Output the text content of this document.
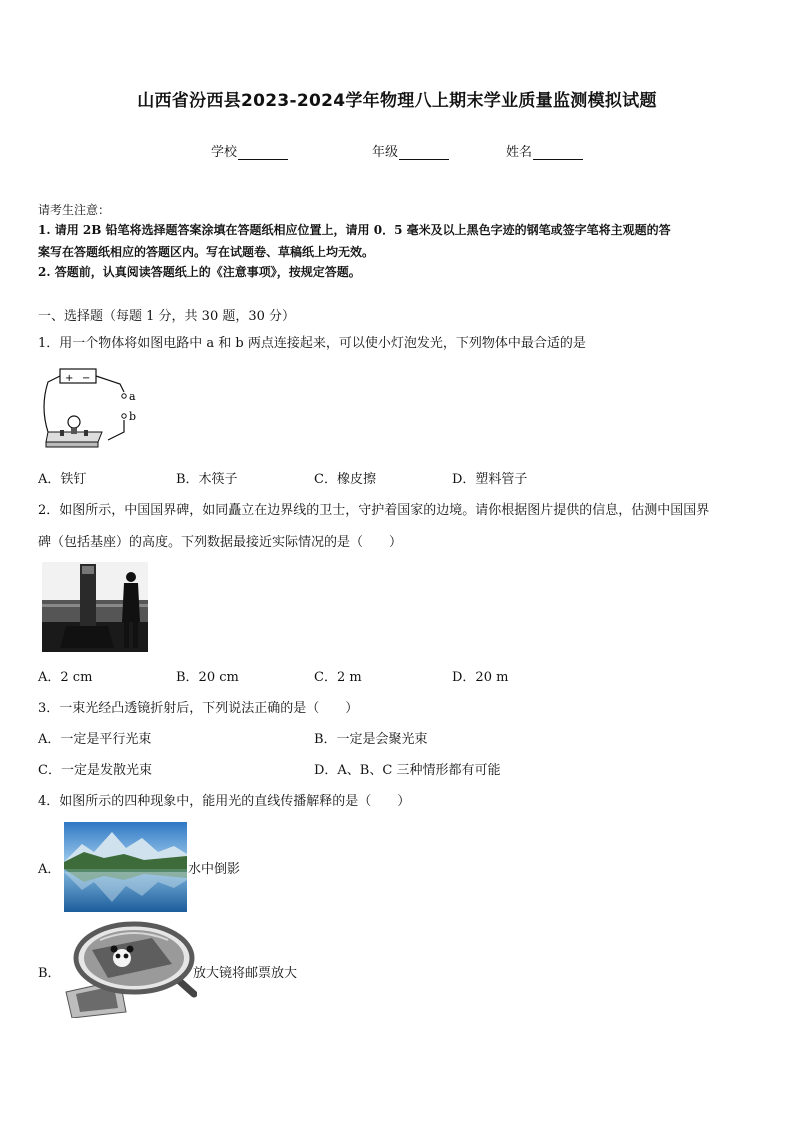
山西省汾西县2023-2024学年物理八上期末学业质量监测模拟试题
学校	年级	姓名
请考生注意：
1. 请用 2B 铅笔将选择题答案涂填在答题纸相应位置上，请用 0．5 毫米及以上黑色字迹的钢笔或签字笔将主观题的答
案写在答题纸相应的答题区内。写在试题卷、草稿纸上均无效。
2. 答题前，认真阅读答题纸上的《注意事项》，按规定答题。
一、选择题（每题 1 分，共 30 题，30 分）
1．用一个物体将如图电路中 a 和 b 两点连接起来，可以使小灯泡发光，下列物体中最合适的是
+ −
a
b
A．铁钉	B．木筷子	C．橡皮擦	D．塑料管子
2．如图所示，中国国界碑，如同矗立在边界线的卫士，守护着国家的边境。请你根据图片提供的信息，估测中国国界
碑（包括基座）的高度。下列数据最接近实际情况的是（　　）
A．2 cm	B．20 cm	C．2 m	D．20 m
3．一束光经凸透镜折射后，下列说法正确的是（　　）
A．一定是平行光束	B．一定是会聚光束
C．一定是发散光束	D．A、B、C 三种情形都有可能
4．如图所示的四种现象中，能用光的直线传播解释的是（　　）
A．	水中倒影
B．	放大镜将邮票放大
